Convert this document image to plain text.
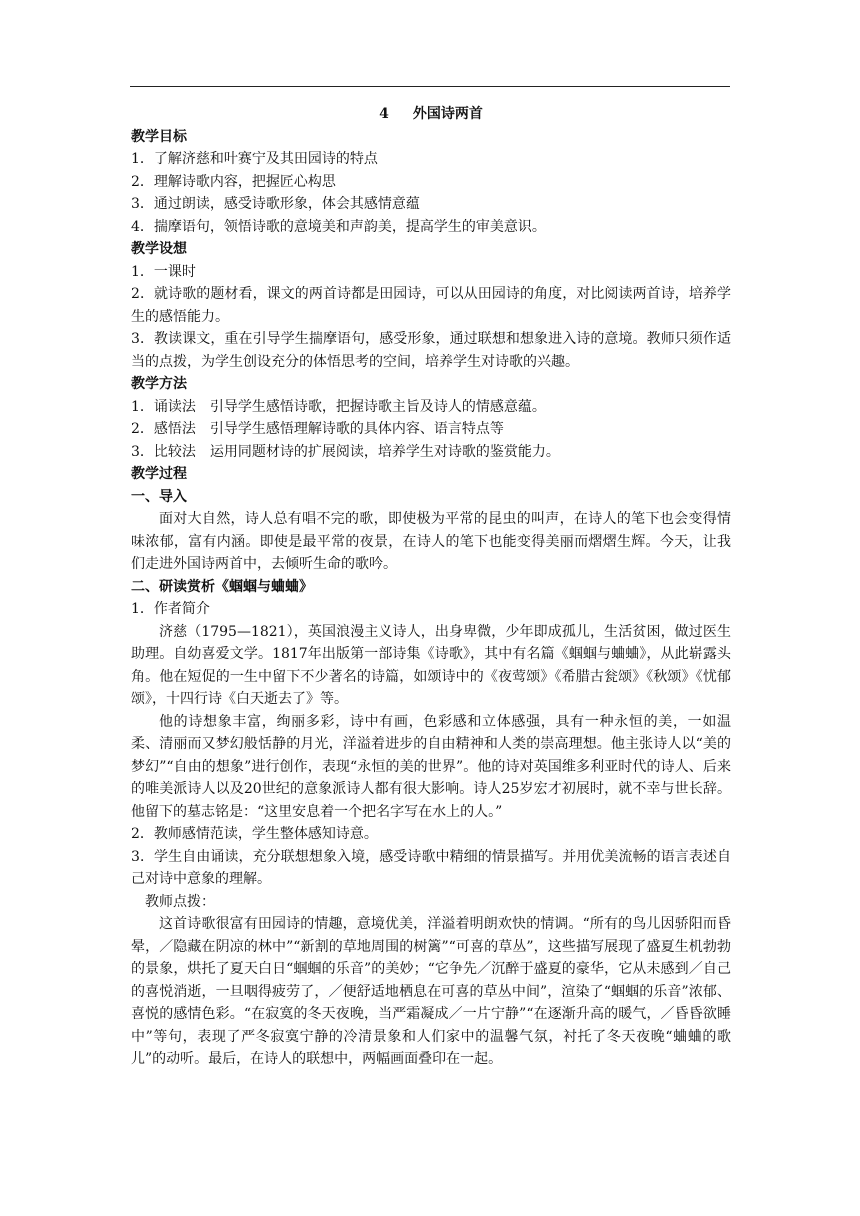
4 外国诗两首
教学目标
1．了解济慈和叶赛宁及其田园诗的特点
2．理解诗歌内容，把握匠心构思
3．通过朗读，感受诗歌形象，体会其感情意蕴
4．揣摩语句，领悟诗歌的意境美和声韵美，提高学生的审美意识。
教学设想
1．一课时
2．就诗歌的题材看，课文的两首诗都是田园诗，可以从田园诗的角度，对比阅读两首诗，培养学生的感悟能力。
3．教读课文，重在引导学生揣摩语句，感受形象，通过联想和想象进入诗的意境。教师只须作适当的点拨，为学生创设充分的体悟思考的空间，培养学生对诗歌的兴趣。
教学方法
1．诵读法　引导学生感悟诗歌，把握诗歌主旨及诗人的情感意蕴。
2．感悟法　引导学生感悟理解诗歌的具体内容、语言特点等
3．比较法　运用同题材诗的扩展阅读，培养学生对诗歌的鉴赏能力。
教学过程
一、导入
面对大自然，诗人总有唱不完的歌，即使极为平常的昆虫的叫声，在诗人的笔下也会变得情味浓郁，富有内涵。即使是最平常的夜景，在诗人的笔下也能变得美丽而熠熠生辉。今天，让我们走进外国诗两首中，去倾听生命的歌吟。
二、研读赏析《蝈蝈与蛐蛐》
1．作者简介
济慈（1795—1821），英国浪漫主义诗人，出身卑微，少年即成孤儿，生活贫困，做过医生助理。自幼喜爱文学。1817年出版第一部诗集《诗歌》，其中有名篇《蝈蝈与蛐蛐》，从此崭露头角。他在短促的一生中留下不少著名的诗篇，如颂诗中的《夜莺颂》《希腊古瓮颂》《秋颂》《忧郁颂》，十四行诗《白天逝去了》等。
他的诗想象丰富，绚丽多彩，诗中有画，色彩感和立体感强，具有一种永恒的美，一如温柔、清丽而又梦幻般恬静的月光，洋溢着进步的自由精神和人类的崇高理想。他主张诗人以“美的梦幻”“自由的想象”进行创作，表现“永恒的美的世界”。他的诗对英国维多利亚时代的诗人、后来的唯美派诗人以及20世纪的意象派诗人都有很大影响。诗人25岁宏才初展时，就不幸与世长辞。他留下的墓志铭是：“这里安息着一个把名字写在水上的人。”
2．教师感情范读，学生整体感知诗意。
3．学生自由诵读，充分联想想象入境，感受诗歌中精细的情景描写。并用优美流畅的语言表述自己对诗中意象的理解。
教师点拨：
这首诗歌很富有田园诗的情趣，意境优美，洋溢着明朗欢快的情调。“所有的鸟儿因骄阳而昏晕，／隐藏在阴凉的林中”“新割的草地周围的树篱”“可喜的草丛”，这些描写展现了盛夏生机勃勃的景象，烘托了夏天白日“蝈蝈的乐音”的美妙；“它争先／沉醉于盛夏的豪华，它从未感到／自己的喜悦消逝，一旦咽得疲劳了，／便舒适地栖息在可喜的草丛中间”，渲染了“蝈蝈的乐音”浓郁、喜悦的感情色彩。“在寂寞的冬天夜晚，当严霜凝成／一片宁静”“在逐渐升高的暖气，／昏昏欲睡中”等句，表现了严冬寂寞宁静的冷清景象和人们家中的温馨气氛，衬托了冬天夜晚“蛐蛐的歌儿”的动听。最后，在诗人的联想中，两幅画面叠印在一起。
